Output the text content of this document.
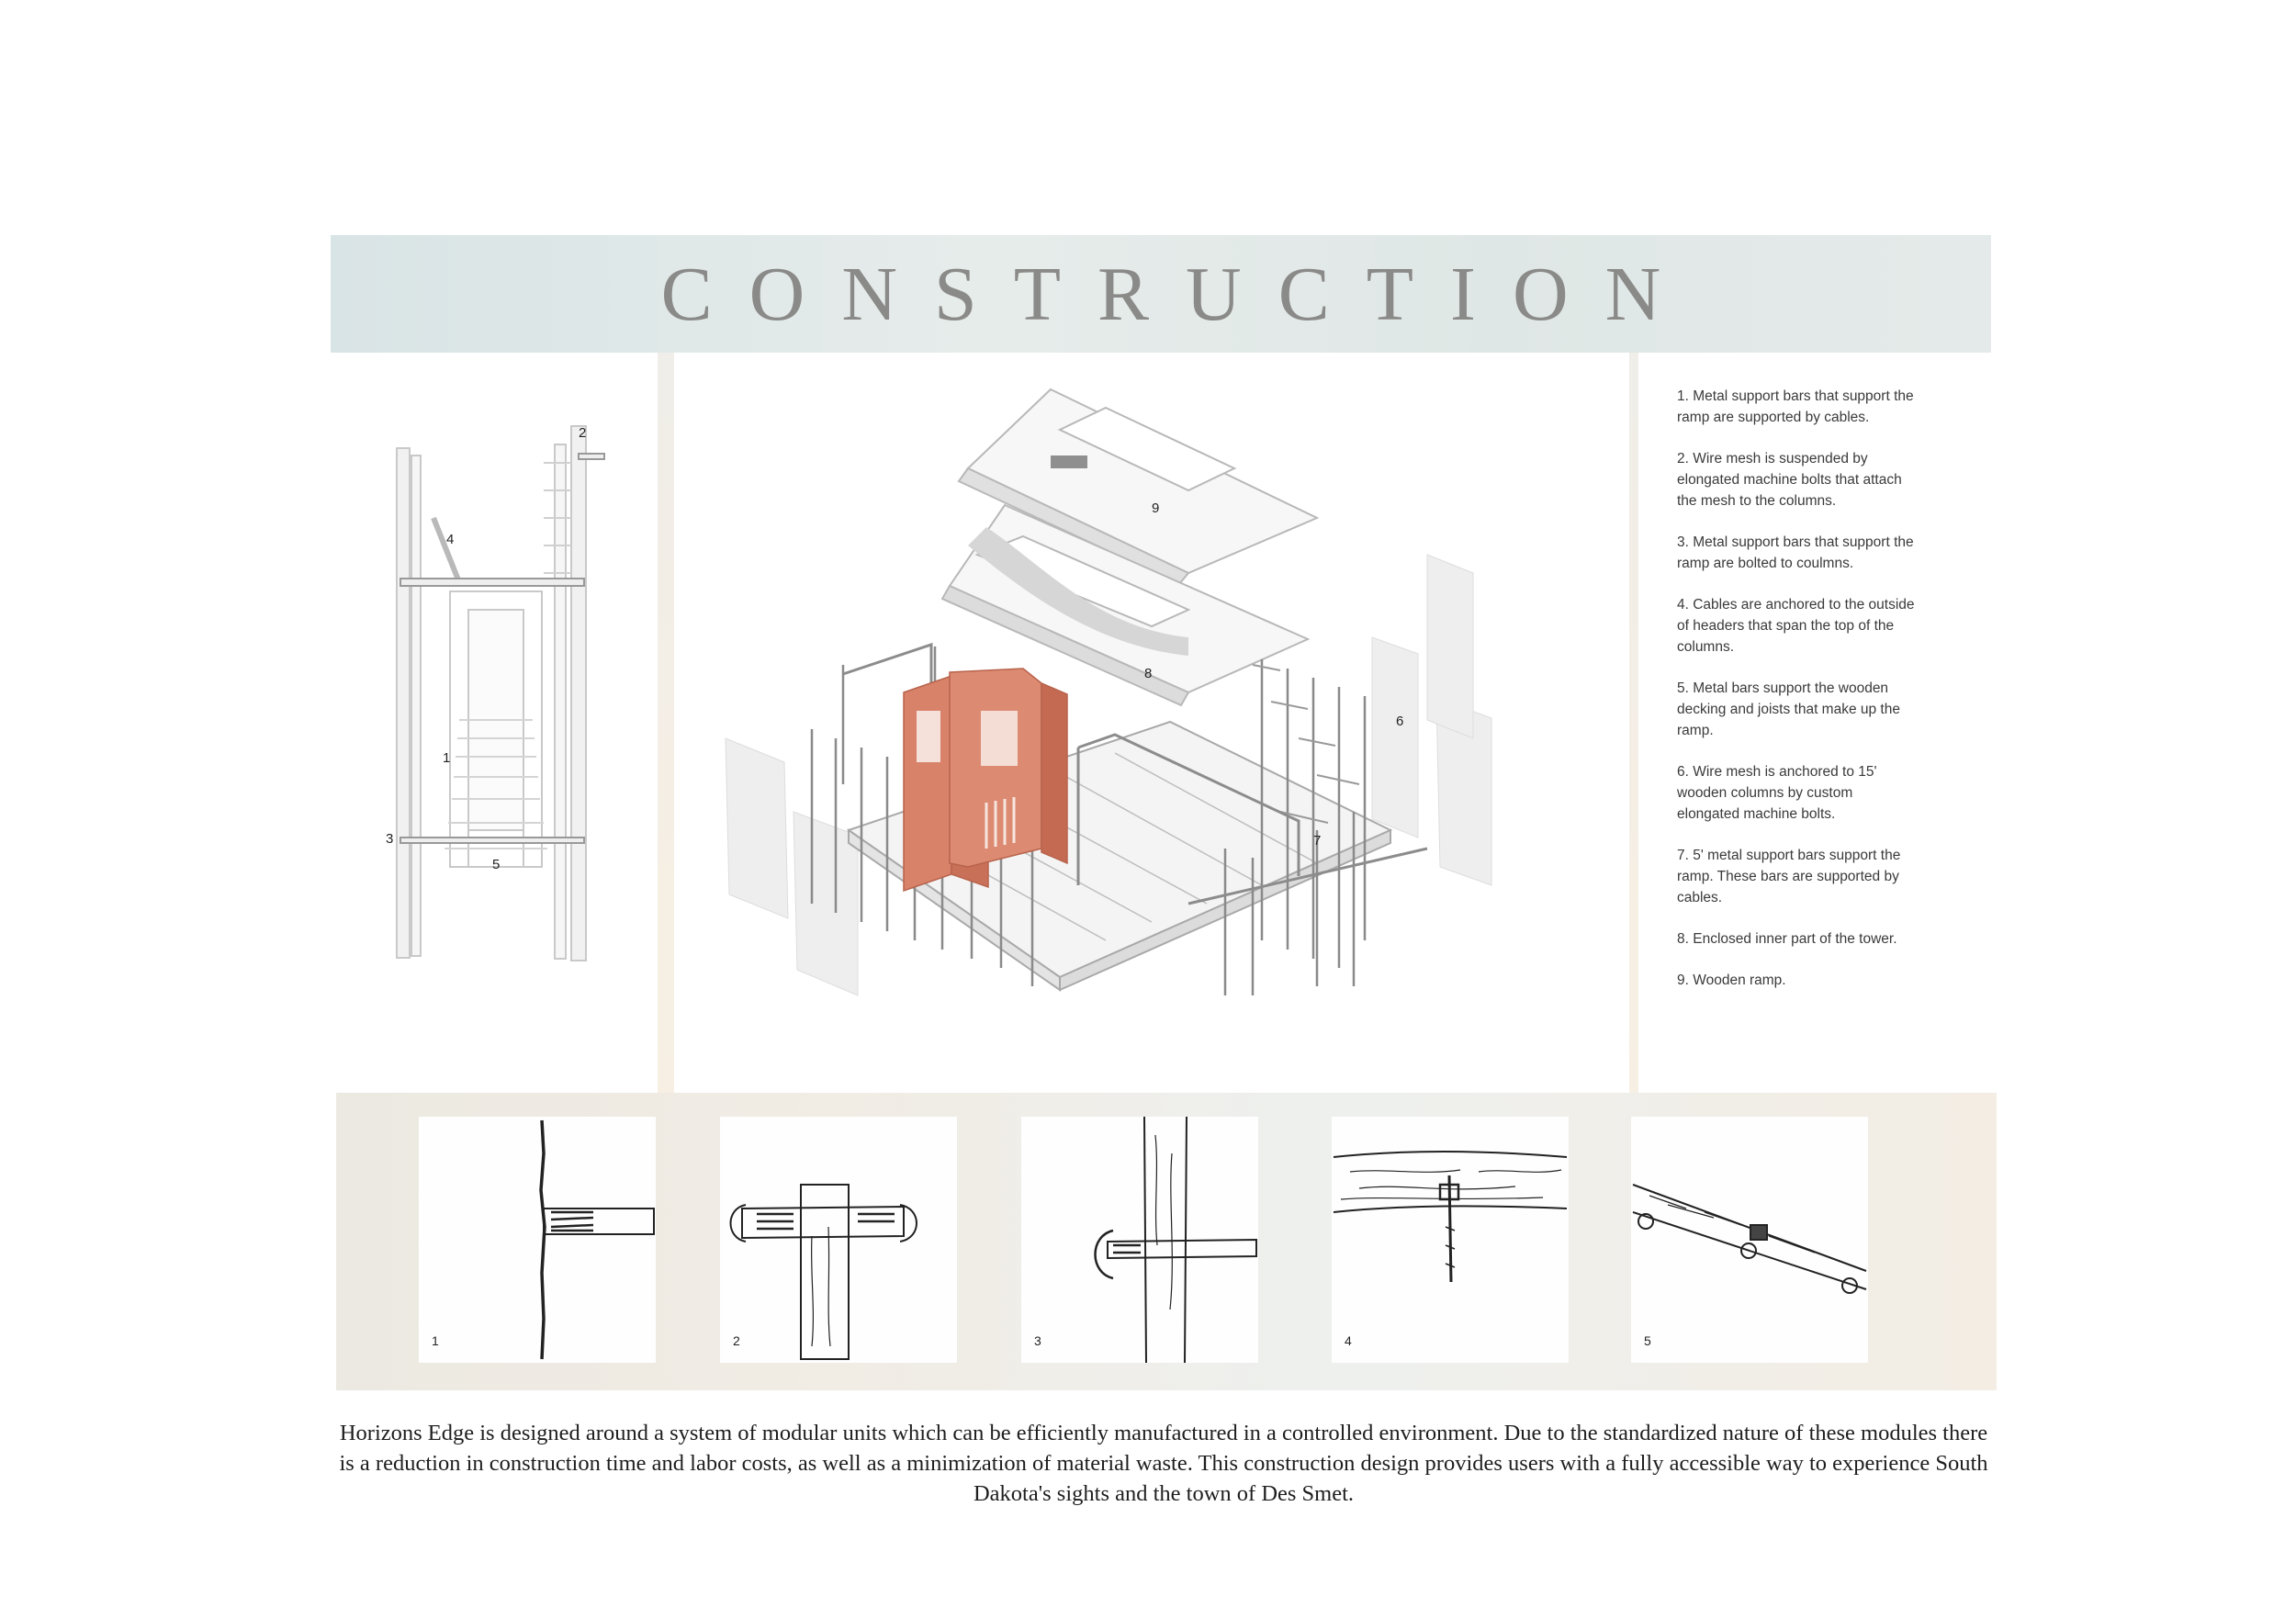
CONSTRUCTION
2
4
1
3
5
9
8
6
7

1. Metal support bars that support the ramp are supported by cables.

2. Wire mesh is suspended by elongated machine bolts that attach the mesh to the columns.

3. Metal support bars that support the ramp are bolted to coulmns.

4. Cables are anchored to the outside of headers that span the top of the columns.

5. Metal bars support the wooden decking and joists that make up the ramp.

6. Wire mesh is anchored to 15' wooden columns by custom elongated machine bolts.

7. 5' metal support bars support the ramp. These bars are supported by cables.

8. Enclosed inner part of the tower.

9. Wooden ramp.

1	2	3	4	5
Horizons Edge is designed around a system of modular units which can be efficiently manufactured in a controlled environment. Due to the standardized nature of these modules there is a reduction in construction time and labor costs, as well as a minimization of material waste. This construction design provides users with a fully accessible way to experience South Dakota's sights and the town of Des Smet.
